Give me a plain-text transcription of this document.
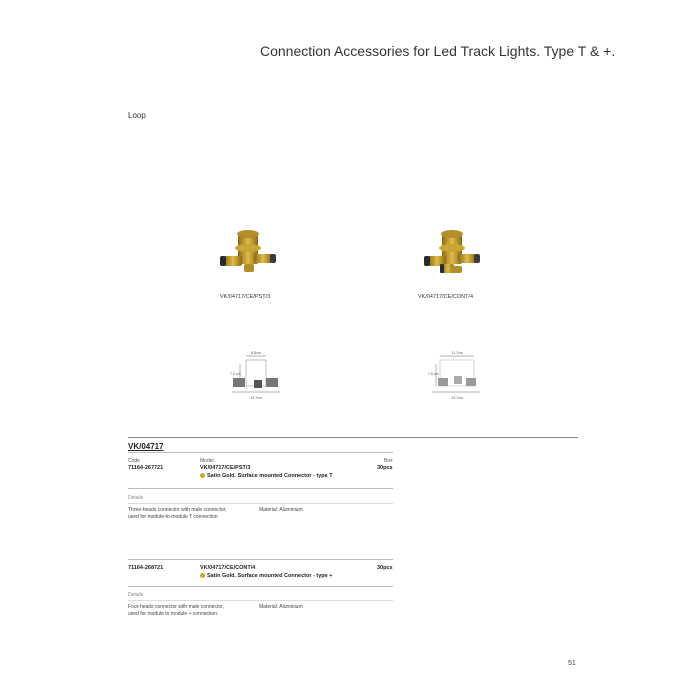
Connection Accessories for Led Track Lights. Type T & +.
Loop
VK/04717/CE/PST/3	VK/04717/CE/CONT/4
8.8cm
7.2 cm
13.7cm
11.7cm
7.5 cm
13.7cm
VK/04717
Code	Model	Box
71164-267721	VK/04717/CE/PST/3	30pcs
Satin Gold. Surface mounted Connector - type T
Details
Three-heads connector with male connector,
used for module-to-module T connection
Material: Aluminium
71164-268721	VK/04717/CE/CONT/4	30pcs
Satin Gold. Surface mounted Connector - type +
Details
Four-heads connector with male connector,
used for module to module + connection.
Material: Aluminium
51
